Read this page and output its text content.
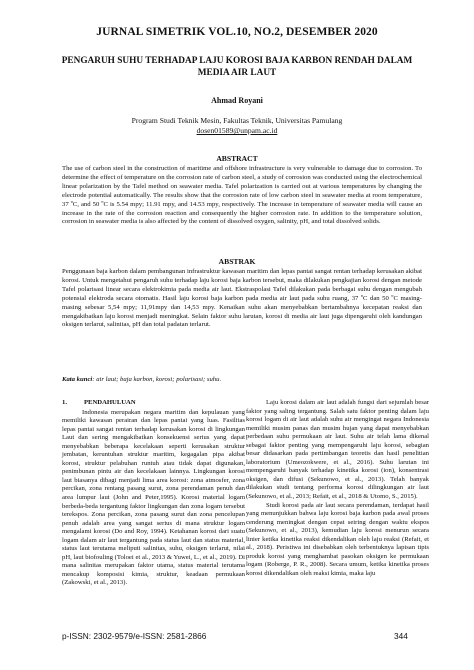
JURNAL SIMETRIK VOL.10, NO.2, DESEMBER 2020
PENGARUH SUHU TERHADAP LAJU KOROSI BAJA KARBON RENDAH DALAM MEDIA AIR LAUT
Ahmad Royani
Program Studi Teknik Mesin, Fakultas Teknik, Universitas Pamulang
dosen01589@unpam.ac.id
ABSTRACT
The use of carbon steel in the construction of maritime and offshore infrastructure is very vulnerable to damage due to corrosion. To determine the effect of temperature on the corrosion rate of carbon steel, a study of corrosion was conducted using the electrochemical linear polarization by the Tafel method on seawater media. Tafel polarization is carried out at various temperatures by changing the electrode potential automatically. The results show that the corrosion rate of low carbon steel in seawater media at room temperature, 37 ºC, and 50 ºC is 5.54 mpy; 11.91 mpy, and 14.53 mpy, respectively. The increase in temperature of seawater media will cause an increase in the rate of the corrosion reaction and consequently the higher corrosion rate. In addition to the temperature solution, corrosion in seawater media is also affected by the content of dissolved oxygen, salinity, pH, and total dissolved solids.
ABSTRAK
Penggunaan baja karbon dalam pembangunan infrastruktur kawasan maritim dan lepas pantai sangat rentan terhadap kerusakan akibat korosi. Untuk mengetahui pengaruh suhu terhadap laju korosi baja karbon tersebut, maka dilakukan pengkajian korosi dengan metode Tafel polarisasi linear secara elektrokimia pada media air laut. Ekstraspolasi Tafel dilakukan pada berbagai suhu dengan mengubah potensial elektroda secara otomatis. Hasil laju korosi baja karbon pada media air laut pada suhu ruang, 37 ºC dan 50 ºC masing-masing sebesar 5,54 mpy; 11,91mpy dan 14,53 mpy. Kenaikan suhu akan menyebabkan bertambahnya kecepatan reaksi dan mengakibatkan laju korosi menjadi meningkat. Selain faktor suhu larutan, korosi di media air laut juga dipengaruhi oleh kandungan oksigen terlarut, salinitas, pH dan total padatan terlarut.
Kata kunci: air laut; baja karbon, korosi; polarisasi; suhu.
1.	PENDAHULUAN

Indonesia merupakan negara maritim dan kepulauan yang memiliki kawasan perairan dan lepas pantai yang luas. Fasilitas lepas pantai sangat rentan terhadap kerusakan korosi di lingkungan Laut dan sering mengakibatkan konsekuensi serius yang dapat menyebabkan beberapa kecelakaan seperti kerusakan struktur jembatan, keruntuhan struktur maritim, kegagalan pipa akibat korosi, struktur pelabuhan runtuh atau tidak dapat digunakan, penimbunan pintu air dan kecelakaan lainnya. Lingkungan korosi laut biasanya dibagi menjadi lima area korosi: zona atmosfer, zona percikan, zona rentang pasang surut, zona perendaman penuh dan area lumpur laut (John and Peter,1995). Korosi material logam berbeda-beda tergantung faktor lingkungan dan zona logam tersebut terekspos. Zona percikan, zona pasang surut dan zona pencelupan penuh adalah area yang sangat serius di mana struktur logam mengalami korosi (Do and Roy, 1994). Ketahanan korosi dari suatu logam dalam air laut tergantung pada status laut dan status material, status laut terutama meliputi salinitas, suhu, oksigen terlarut, nilai pH, laut biofouling (Toloei et al., 2013 & Yuwei, L., et al., 2019). Di mana salinitas merupakan faktor utama, status material terutama mencakup komposisi kimia, struktur, keadaan permukaan (Zakowski, et al., 2013).

Laju korosi dalam air laut adalah fungsi dari sejumlah besar faktor yang saling tergantung. Salah satu faktor penting dalam laju korosi logam di air laut adalah suhu air mengingat negara Indonesia memiliki musim panas dan musim hujan yang dapat menyebabkan perbedaan suhu permukaan air laut. Suhu air telah lama dikenal sebagai faktor penting yang mempengaruhi laju korosi, sebagian besar didasarkan pada pertimbangan teoretis dan hasil penelitian laboratorium (Umeozokwere, et al., 2016). Suhu larutan ini mempengaruhi banyak terhadap kinetika korosi (ion), konsentrasi oksigen, dan difusi (Sekunowo, et al., 2013). Telah banyak dilakukan studi tentang performa korosi dilingkungan air laut (Sekunowo, et al., 2013; Refait, et al., 2018 & Utomo, S., 2015).

Studi korosi pada air laut secara perendaman, terdapat hasil yang menunjukkan bahwa laju korosi baja karbon pada awal proses cenderung meningkat dengan cepat seiring dengan waktu ekspos (Sekunowo, et al., 2013), kemudian laju korosi menurun secara linier ketika kinetika reaksi dikendalikan oleh laju reaksi (Refait, et al., 2018). Peristiwa ini disebabkan oleh terbentuknya lapisan tipis produk korosi yang menghambat pasokan oksigen ke permukaan logam (Roberge, P. R., 2008). Secara umum, ketika kinetika proses korosi dikendalikan oleh reaksi kimia, maka laju

p-ISSN: 2302-9579/e-ISSN: 2581-2866	344
